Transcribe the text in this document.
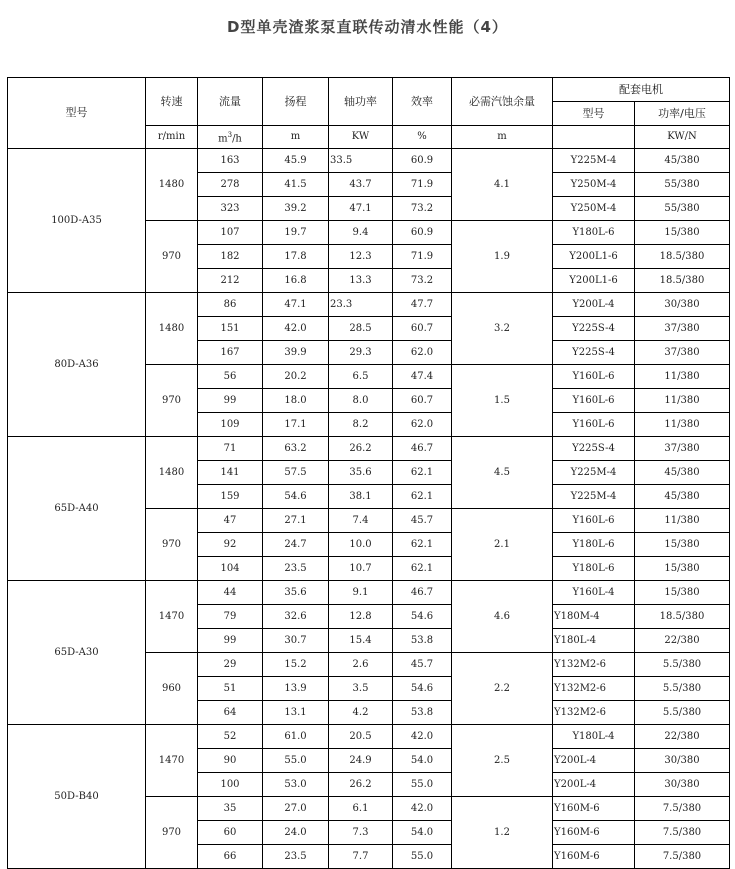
D型单壳渣浆泵直联传动清水性能（4）
型号	转速	流量	扬程	轴功率	效率	必需汽蚀余量	配套电机	
							型号	功率/电压
	r/min	$m^3/h$	m	KW	%	m		KW/N
100D-A35	1480	163	45.9	33.5	60.9	4.1	Y225M-4	45/380
		278	41.5	43.7	71.9		Y250M-4	55/380
		323	39.2	47.1	73.2		Y250M-4	55/380
	970	107	19.7	9.4	60.9	1.9	Y180L-6	15/380
		182	17.8	12.3	71.9		Y200L1-6	18.5/380
		212	16.8	13.3	73.2		Y200L1-6	18.5/380
80D-A36	1480	86	47.1	23.3	47.7	3.2	Y200L-4	30/380
		151	42.0	28.5	60.7		Y225S-4	37/380
		167	39.9	29.3	62.0		Y225S-4	37/380
	970	56	20.2	6.5	47.4	1.5	Y160L-6	11/380
		99	18.0	8.0	60.7		Y160L-6	11/380
		109	17.1	8.2	62.0		Y160L-6	11/380
65D-A40	1480	71	63.2	26.2	46.7	4.5	Y225S-4	37/380
		141	57.5	35.6	62.1		Y225M-4	45/380
		159	54.6	38.1	62.1		Y225M-4	45/380
	970	47	27.1	7.4	45.7	2.1	Y160L-6	11/380
		92	24.7	10.0	62.1		Y180L-6	15/380
		104	23.5	10.7	62.1		Y180L-6	15/380
65D-A30	1470	44	35.6	9.1	46.7	4.6	Y160L-4	15/380
		79	32.6	12.8	54.6		Y180M-4	18.5/380
		99	30.7	15.4	53.8		Y180L-4	22/380
	960	29	15.2	2.6	45.7	2.2	Y132M2-6	5.5/380
		51	13.9	3.5	54.6		Y132M2-6	5.5/380
		64	13.1	4.2	53.8		Y132M2-6	5.5/380
50D-B40	1470	52	61.0	20.5	42.0	2.5	Y180L-4	22/380
		90	55.0	24.9	54.0		Y200L-4	30/380
		100	53.0	26.2	55.0		Y200L-4	30/380
	970	35	27.0	6.1	42.0	1.2	Y160M-6	7.5/380
		60	24.0	7.3	54.0		Y160M-6	7.5/380
		66	23.5	7.7	55.0		Y160M-6	7.5/380
